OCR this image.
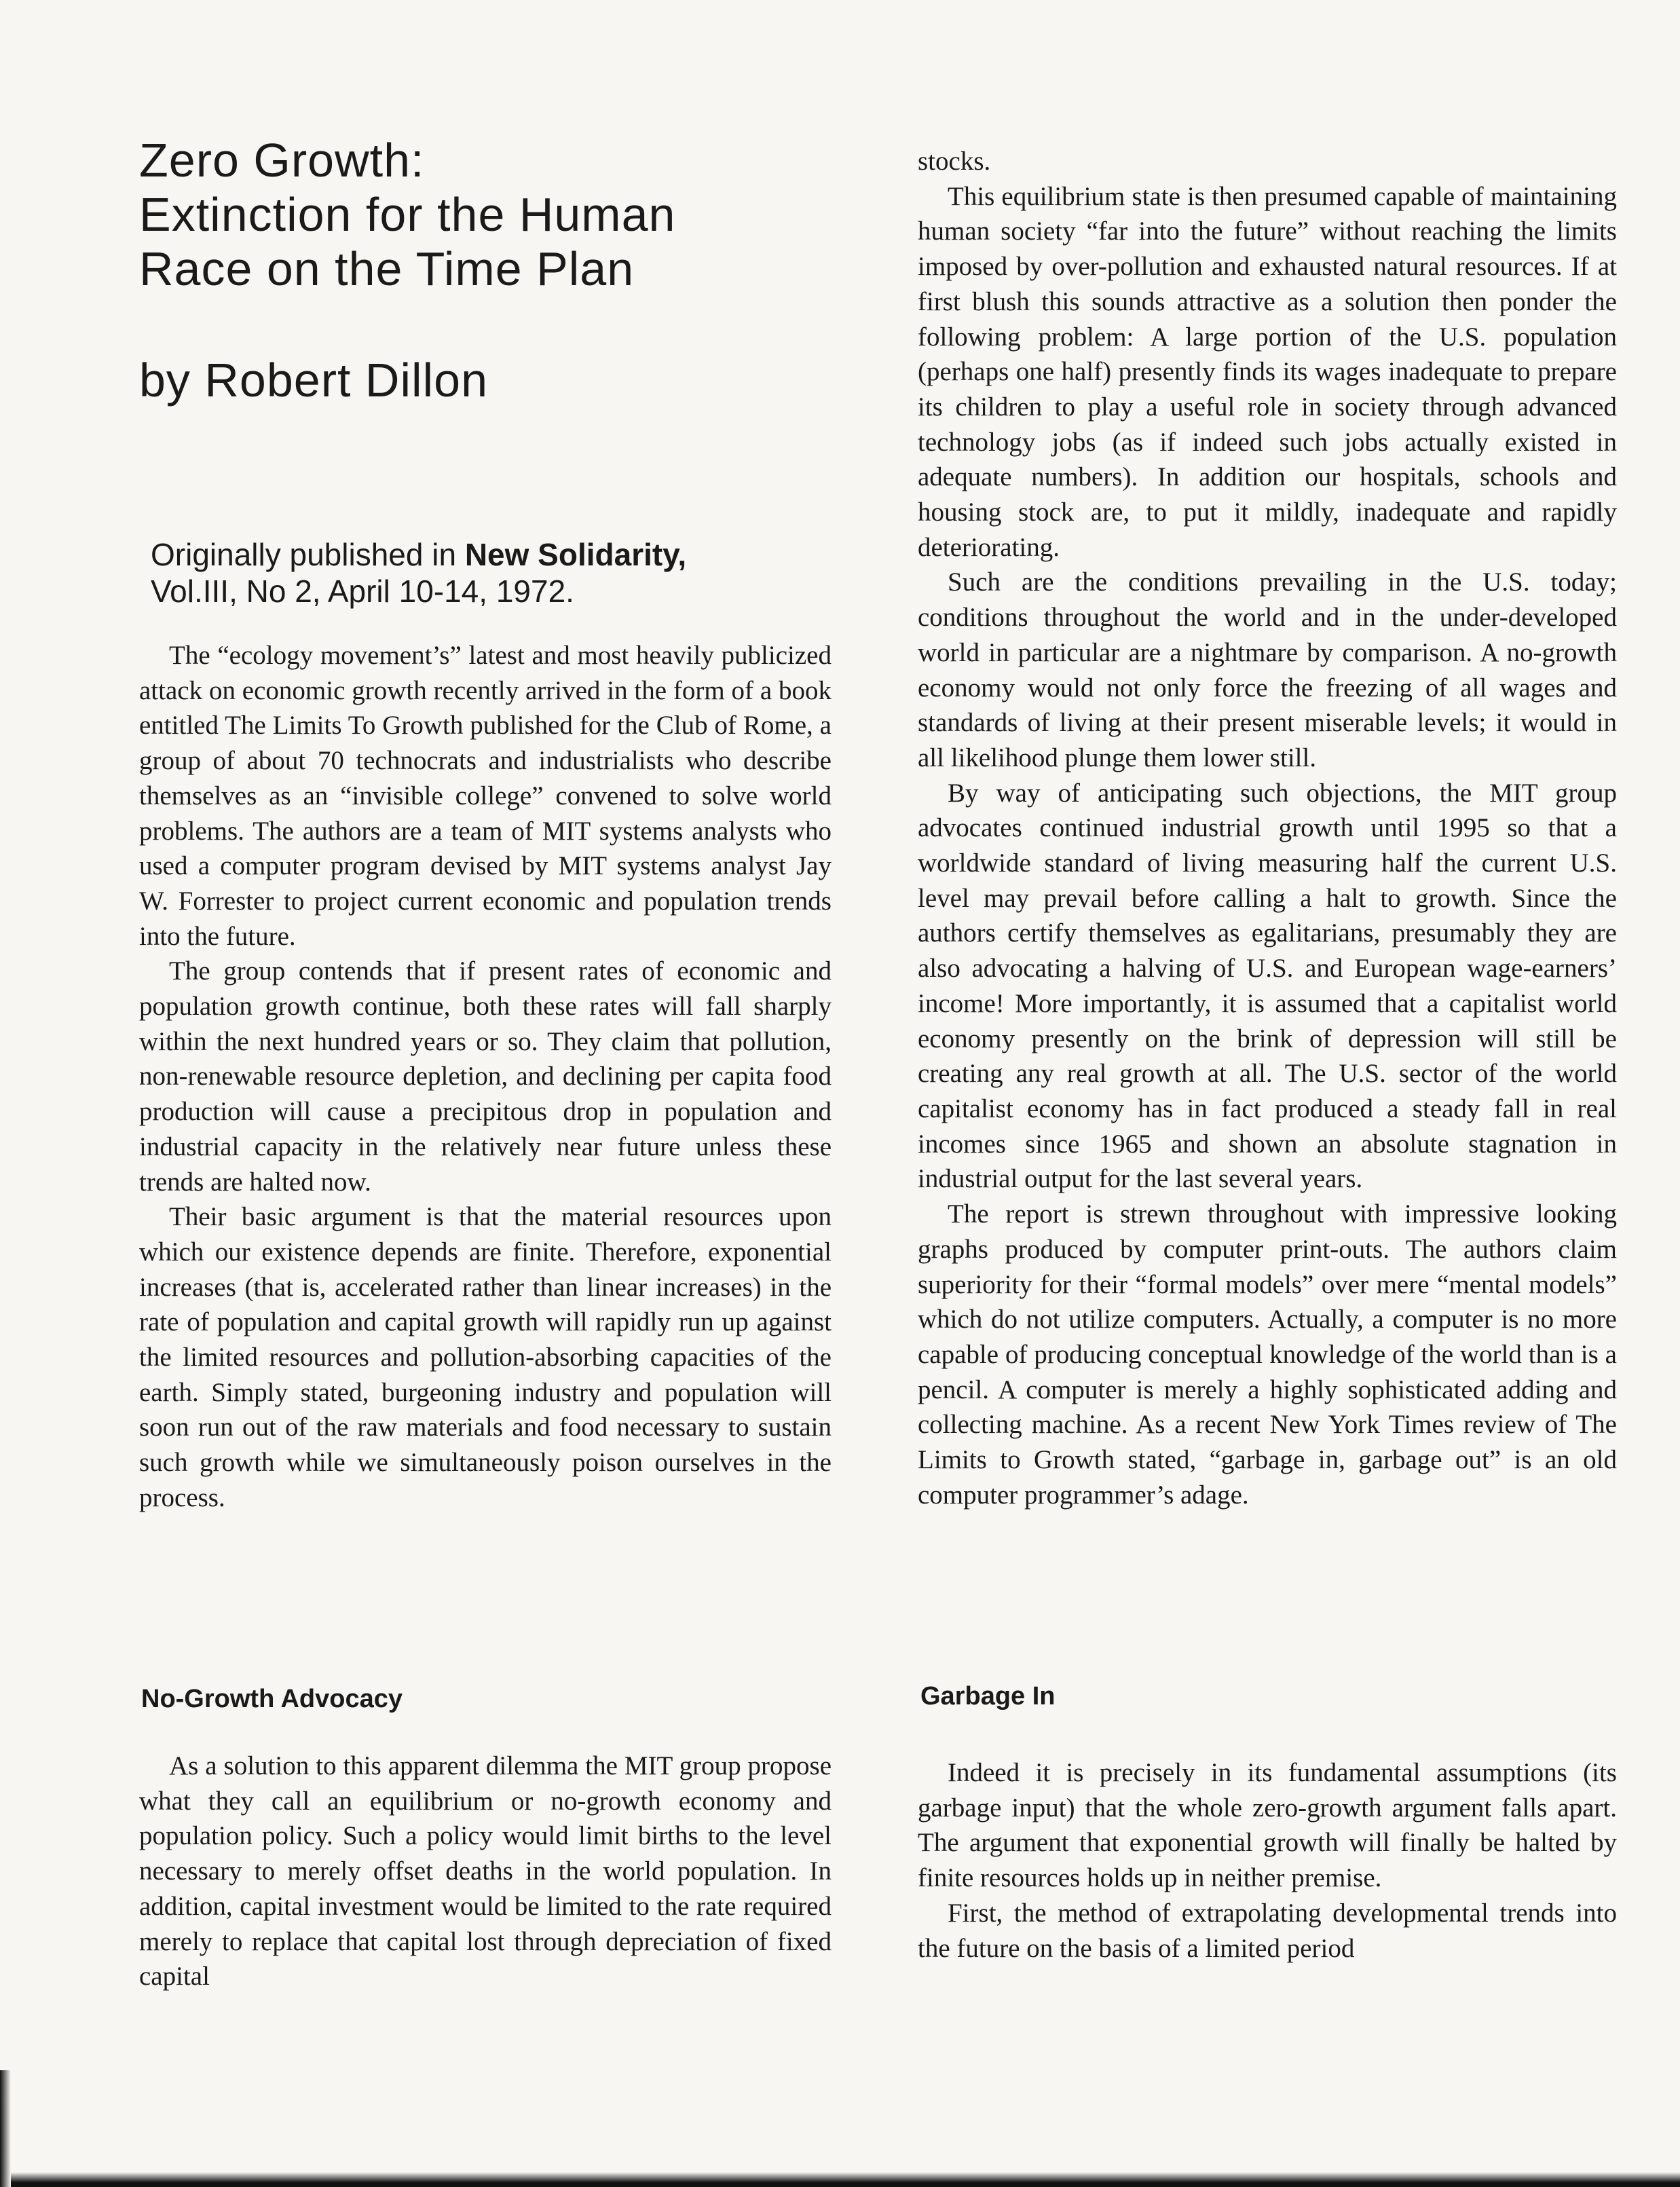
Zero Growth:
Extinction for the Human
Race on the Time Plan
by Robert Dillon
Originally published in New Solidarity,
Vol.III, No 2, April 10-14, 1972.

The “ecology movement’s” latest and most heavily publicized attack on economic growth recently arrived in the form of a book entitled The Limits To Growth published for the Club of Rome, a group of about 70 technocrats and industrialists who describe themselves as an “invisible college” convened to solve world problems. The authors are a team of MIT systems analysts who used a computer program devised by MIT systems analyst Jay W. Forrester to project current economic and population trends into the future.

The group contends that if present rates of economic and population growth continue, both these rates will fall sharply within the next hundred years or so. They claim that pollution, non-renewable resource depletion, and declining per capita food production will cause a precipitous drop in population and industrial capacity in the relatively near future unless these trends are halted now.

Their basic argument is that the material resources upon which our existence depends are finite. Therefore, exponential increases (that is, accelerated rather than linear increases) in the rate of population and capital growth will rapidly run up against the limited resources and pollution-absorbing capacities of the earth. Simply stated, burgeoning industry and population will soon run out of the raw materials and food necessary to sustain such growth while we simultaneously poison ourselves in the process.

No-Growth Advocacy

As a solution to this apparent dilemma the MIT group propose what they call an equilibrium or no-growth economy and population policy. Such a policy would limit births to the level necessary to merely offset deaths in the world population. In addition, capital investment would be limited to the rate required merely to replace that capital lost through depreciation of fixed capital

stocks.

This equilibrium state is then presumed capable of maintaining human society “far into the future” without reaching the limits imposed by over-pollution and exhausted natural resources. If at first blush this sounds attractive as a solution then ponder the following problem: A large portion of the U.S. population (perhaps one half) presently finds its wages inadequate to prepare its children to play a useful role in society through advanced technology jobs (as if indeed such jobs actually existed in adequate numbers). In addition our hospitals, schools and housing stock are, to put it mildly, inadequate and rapidly deteriorating.

Such are the conditions prevailing in the U.S. today; conditions throughout the world and in the under-developed world in particular are a nightmare by comparison. A no-growth economy would not only force the freezing of all wages and standards of living at their present miserable levels; it would in all likelihood plunge them lower still.

By way of anticipating such objections, the MIT group advocates continued industrial growth until 1995 so that a worldwide standard of living measuring half the current U.S. level may prevail before calling a halt to growth. Since the authors certify themselves as egalitarians, presumably they are also advocating a halving of U.S. and European wage-earners’ income! More importantly, it is assumed that a capitalist world economy presently on the brink of depression will still be creating any real growth at all. The U.S. sector of the world capitalist economy has in fact produced a steady fall in real incomes since 1965 and shown an absolute stagnation in industrial output for the last several years.

The report is strewn throughout with impressive looking graphs produced by computer print-outs. The authors claim superiority for their “formal models” over mere “mental models” which do not utilize computers. Actually, a computer is no more capable of producing conceptual knowledge of the world than is a pencil. A computer is merely a highly sophisticated adding and collecting machine. As a recent New York Times review of The Limits to Growth stated, “garbage in, garbage out” is an old computer programmer’s adage.

Garbage In

Indeed it is precisely in its fundamental assumptions (its garbage input) that the whole zero-growth argument falls apart. The argument that exponential growth will finally be halted by finite resources holds up in neither premise.

First, the method of extrapolating developmental trends into the future on the basis of a limited period
